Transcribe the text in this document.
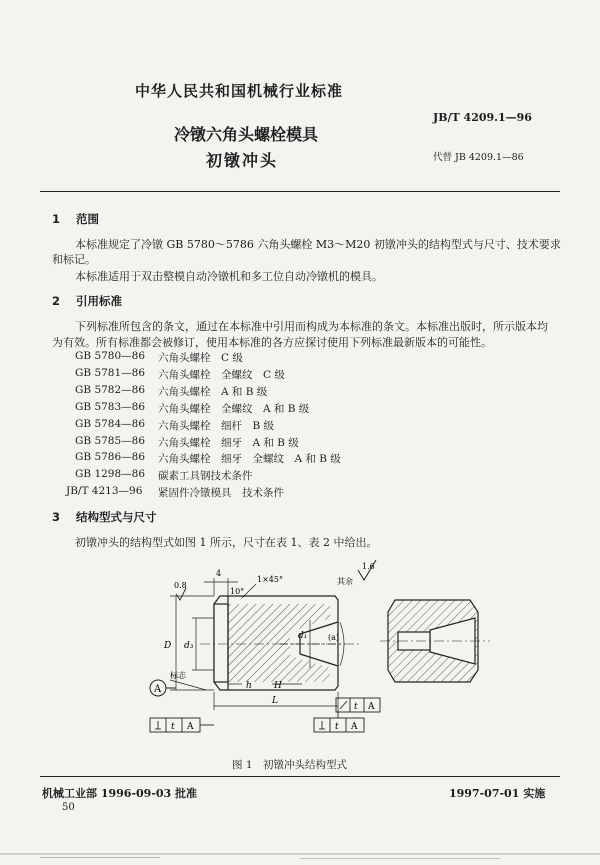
中华人民共和国机械行业标准
冷镦六角头螺栓模具
初镦冲头
JB/T 4209.1—96
代替 JB 4209.1—86
1 范围
本标准规定了冷镦 GB 5780～5786 六角头螺栓 M3～M20 初镦冲头的结构型式与尺寸、技术要求
和标记。
本标准适用于双击整模自动冷镦机和多工位自动冷镦机的模具。
2 引用标准
下列标准所包含的条文，通过在本标准中引用而构成为本标准的条文。本标准出版时，所示版本均
为有效。所有标准都会被修订，使用本标准的各方应探讨使用下列标准最新版本的可能性。
GB 5780—86 六角头螺栓　C 级
GB 5781—86 六角头螺栓　全螺纹　C 级
GB 5782—86 六角头螺栓　A 和 B 级
GB 5783—86 六角头螺栓　全螺纹　A 和 B 级
GB 5784—86 六角头螺栓　细杆　B 级
GB 5785—86 六角头螺栓　细牙　A 和 B 级
GB 5786—86 六角头螺栓　细牙　全螺纹　A 和 B 级
GB 1298—86 碳素工具钢技术条件
JB/T 4213—96 紧固件冷镦模具　技术条件
3 结构型式与尺寸
初镦冲头的结构型式如图 1 所示，尺寸在表 1、表 2 中给出。
A
t A	t A
t A
其余
1.6
0.8
4
1×45°
10°
D d₃
d₁	(a)
h H
L
标志
图 1　初镦冲头结构型式
机械工业部 1996-09-03 批准	1997-07-01 实施
50
